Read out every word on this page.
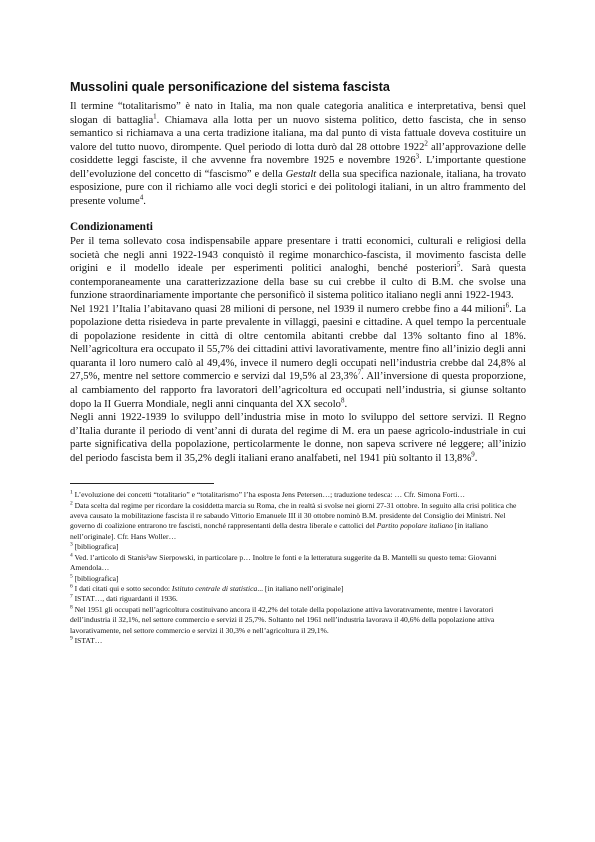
Mussolini quale personificazione del sistema fascista

Il termine “totalitarismo” è nato in Italia, ma non quale categoria analitica e interpretativa, bensì quel slogan di battaglia$^1$. Chiamava alla lotta per un nuovo sistema politico, detto fascista, che in senso semantico si richiamava a una certa tradizione italiana, ma dal punto di vista fattuale doveva costituire un valore del tutto nuovo, dirompente. Quel periodo di lotta durò dal 28 ottobre 1922$^2$ all’approvazione delle cosiddette leggi fasciste, il che avvenne fra novembre 1925 e novembre 1926$^3$. L’importante questione dell’evoluzione del concetto di “fascismo” e della Gestalt della sua specifica nazionale, italiana, ha trovato esposizione, pure con il richiamo alle voci degli storici e dei politologi italiani, in un altro frammento del presente volume$^4$.

Condizionamenti

Per il tema sollevato cosa indispensabile appare presentare i tratti economici, culturali e religiosi della società che negli anni 1922-1943 conquistò il regime monarchico-fascista, il movimento fascista delle origini e il modello ideale per esperimenti politici analoghi, benché posteriori$^5$. Sarà questa contemporaneamente una caratterizzazione della base su cui crebbe il culto di B.M. che svolse una funzione straordinariamente importante che personificò il sistema politico italiano negli anni 1922-1943.

Nel 1921 l’Italia l’abitavano quasi 28 milioni di persone, nel 1939 il numero crebbe fino a 44 milioni$^6$. La popolazione detta risiedeva in parte prevalente in villaggi, paesini e cittadine. A quel tempo la percentuale di popolazione residente in città di oltre centomila abitanti crebbe dal 13% soltanto fino al 18%. Nell’agricoltura era occupato il 55,7% dei cittadini attivi lavorativamente, mentre fino all’inizio degli anni quaranta il loro numero calò al 49,4%, invece il numero degli occupati nell’industria crebbe dal 24,8% al 27,5%, mentre nel settore commercio e servizi dal 19,5% al 23,3%$^7$. All’inversione di questa proporzione, al cambiamento del rapporto fra lavoratori dell’agricoltura ed occupati nell’industria, si giunse soltanto dopo la II Guerra Mondiale, negli anni cinquanta del XX secolo$^8$.

Negli anni 1922-1939 lo sviluppo dell’industria mise in moto lo sviluppo del settore servizi. Il Regno d’Italia durante il periodo di vent’anni di durata del regime di M. era un paese agricolo-industriale in cui parte significativa della popolazione, perticolarmente le donne, non sapeva scrivere né leggere; all’inizio del periodo fascista bem il 35,2% degli italiani erano analfabeti, nel 1941 più soltanto il 13,8%$^9$.

$^1$ L’evoluzione dei concetti “totalitario” e “totalitarismo” l’ha esposta Jens Petersen…; traduzione tedesca: … Cfr. Simona Forti…

$^2$ Data scelta dal regime per ricordare la cosiddetta marcia su Roma, che in realtà si svolse nei giorni 27-31 ottobre. In seguito alla crisi politica che aveva causato la mobilitazione fascista il re sabaudo Vittorio Emanuele III il 30 ottobre nominò B.M. presidente del Consiglio dei Ministri. Nel governo di coalizione entrarono tre fascisti, nonché rappresentanti della destra liberale e cattolici del Partito popolare italiano [in italiano nell’originale]. Cfr. Hans Woller…

$^3$ [bibliografica]

$^4$ Ved. l’articolo di Stanis³aw Sierpowski, in particolare p… Inoltre le fonti e la letteratura suggerite da B. Mantelli su questo tema: Giovanni Amendola…

$^5$ [bibliografica]

$^6$ I dati citati qui e sotto secondo: Istituto centrale di statistica... [in italiano nell’originale]

$^7$ ISTAT…, dati riguardanti il 1936.

$^8$ Nel 1951 gli occupati nell’agricoltura costituivano ancora il 42,2% del totale della popolazione attiva lavoratıvamente, mentre i lavoratori dell’industria il 32,1%, nel settore commercio e servizi il 25,7%. Soltanto nel 1961 nell’industria lavorava il 40,6% della popolazione attiva lavorativamente, nel settore commercio e servizi il 30,3% e nell’agricoltura il 29,1%.

$^9$ ISTAT…
